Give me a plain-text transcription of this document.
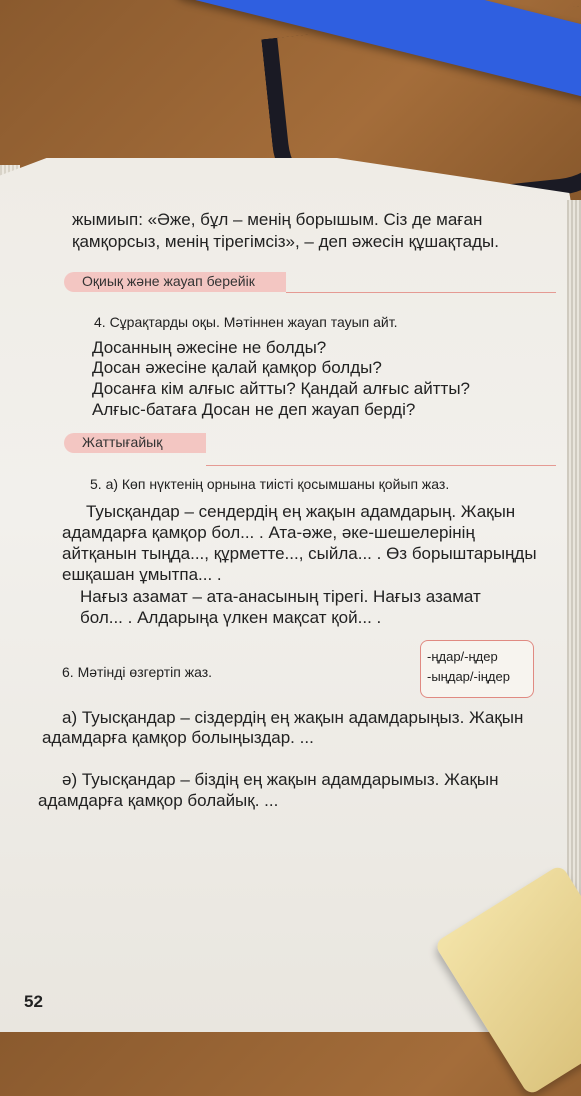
жымиып: «Әже, бұл – менің борышым. Сіз де маған
қамқорсыз, менің тірегімсіз», – деп әжесін құшақтады.
Оқиық және жауап берейік
4. Сұрақтарды оқы. Мәтіннен жауап тауып айт.
Досанның әжесіне не болды?
Досан әжесіне қалай қамқор болды?
Досанға кім алғыс айтты? Қандай алғыс айтты?
Алғыс-батаға Досан не деп жауап берді?
Жаттығайық
5. а) Көп нүктенің орнына тиісті қосымшаны қойып жаз.
Туысқандар – сендердің ең жақын адамдарың. Жақын
адамдарға қамқор бол... . Ата-әже, әке-шешелерінің
айтқанын тыңда..., құрметте..., сыйла... . Өз борыштарыңды
ешқашан ұмытпа... .
Нағыз азамат – ата-анасының тірегі. Нағыз азамат
бол... . Алдарыңа үлкен мақсат қой... .
6. Мәтінді өзгертіп жаз.
-ңдар/-ңдер
-ыңдар/-іңдер
а) Туысқандар – сіздердің ең жақын адамдарыңыз. Жақын
адамдарға қамқор болыңыздар. ...
ә) Туысқандар – біздің ең жақын адамдарымыз. Жақын
адамдарға қамқор болайық. ...
52
